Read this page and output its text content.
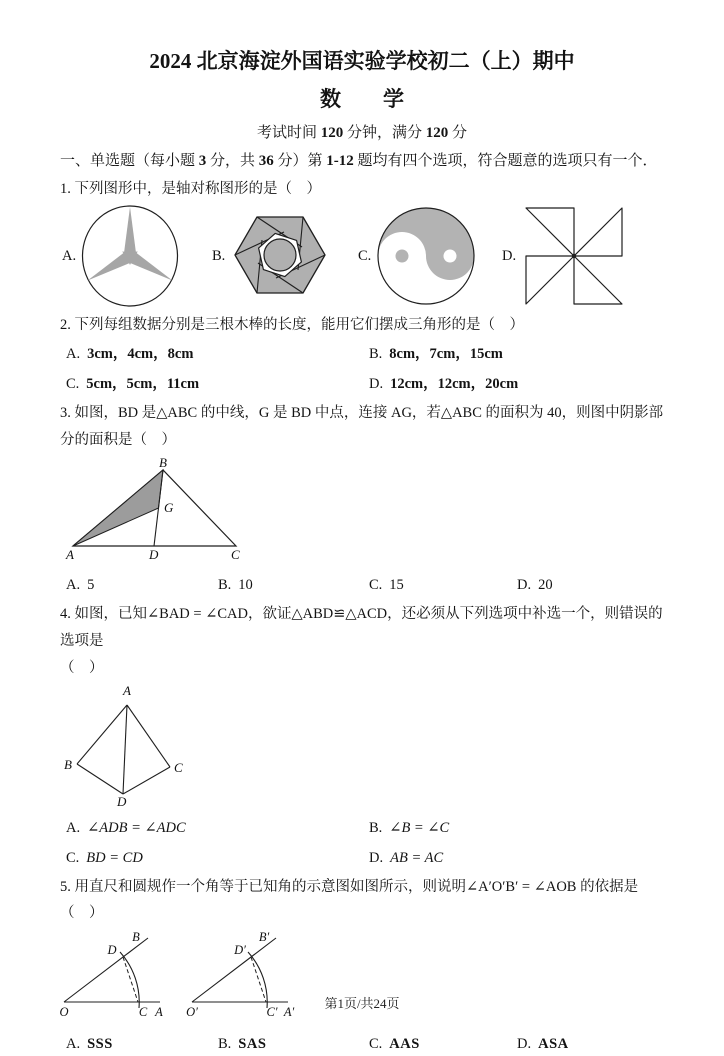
2024 北京海淀外国语实验学校初二（上）期中
数　　学
考试时间 120 分钟，满分 120 分
一、单选题（每小题 3 分，共 36 分）第 1-12 题均有四个选项，符合题意的选项只有一个．
1. 下列图形中，是轴对称图形的是（　）
A.	B.	C.	D.
2. 下列每组数据分别是三根木棒的长度，能用它们摆成三角形的是（　）
A. 3cm，4cm，8cm	B. 8cm，7cm，15cm
C. 5cm，5cm，11cm	D. 12cm，12cm，20cm
3. 如图，BD 是△ABC 的中线，G 是 BD 中点，连接 AG，若△ABC 的面积为 40，则图中阴影部分的面积是（　）
B
A	D	C
G
A. 5	B. 10	C. 15	D. 20
4. 如图，已知∠BAD = ∠CAD，欲证△ABD≌△ACD，还必须从下列选项中补选一个，则错误的选项是
（　）
A
B	C
D
A. ∠ADB = ∠ADC	B. ∠B = ∠C
C. BD = CD	D. AB = AC
5. 用直尺和圆规作一个角等于已知角的示意图如图所示，则说明∠A′O′B′ = ∠AOB 的依据是（　）
O	C A
B
D
O′	C′ A′
B′
D′
A. SSS	B. SAS	C. AAS	D. ASA
第1页/共24页
